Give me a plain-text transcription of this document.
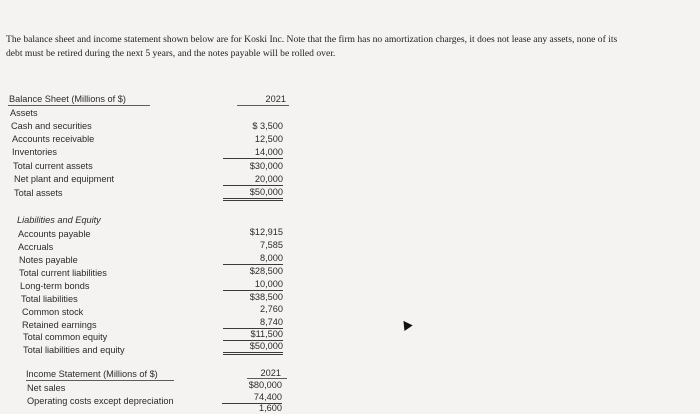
The balance sheet and income statement shown below are for Koski Inc. Note that the firm has no amortization charges, it does not lease any assets, none of its
debt must be retired during the next 5 years, and the notes payable will be rolled over.
Balance Sheet (Millions of $)	2021
Assets
Cash and securities	$ 3,500
Accounts receivable	12,500
Inventories	14,000
Total current assets	$30,000
Net plant and equipment	20,000
Total assets	$50,000
Liabilities and Equity
Accounts payable	$12,915
Accruals	7,585
Notes payable	8,000
Total current liabilities	$28,500
Long-term bonds	10,000
Total liabilities	$38,500
Common stock	2,760
Retained earnings	8,740
Total common equity	$11,500
Total liabilities and equity	$50,000
Income Statement (Millions of $)	2021
Net sales	$80,000
Operating costs except depreciation	74,400
1,600
